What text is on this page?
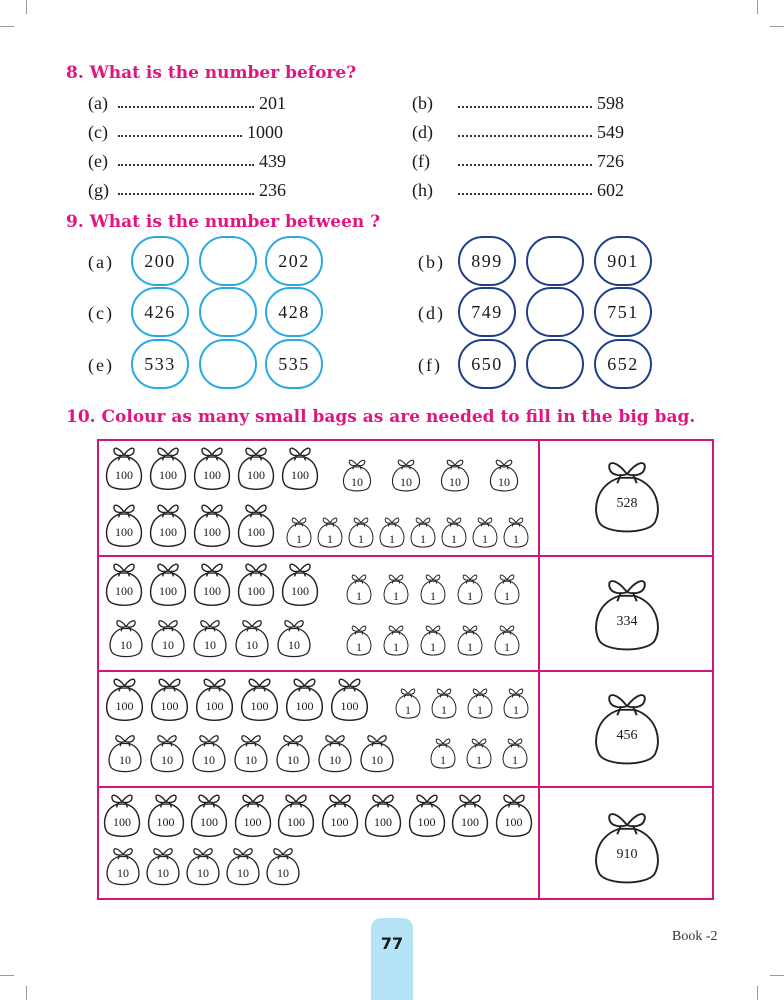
8. What is the number before?
(a)	201	(b)	598
(c)	1000	(d)	549
(e)	439	(f)	726
(g)	236	(h)	602
9. What is the number between ?
(a)	200	202	(b)	899	901
(c)	426	428	(d)	749	751
(e)	533	535	(f)	650	652
10. Colour as many small bags as are needed to fill in the big bag.
100	100	100	100	100	10	10	10	10
100	100	100	100	1	1	1	1	1	1	1	1
528
100	100	100	100	100	1	1	1	1	1
10	10	10	10	10	1	1	1	1	1
334
100	100	100	100	100	100	1	1	1	1
10	10	10	10	10	10	10	1	1	1
456
100	100	100	100	100	100	100	100	100	100
10	10	10	10	10
910
77	Book -2
